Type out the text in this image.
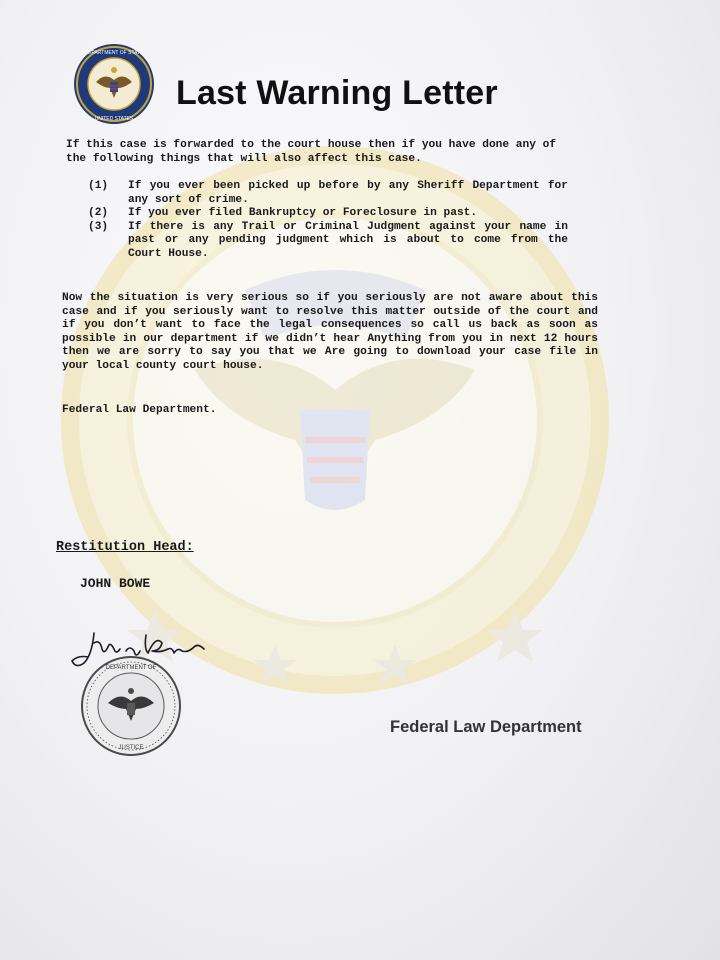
DEPARTMENT OF STATE
UNITED STATES
Last Warning Letter
If this case is forwarded to the court house then if you have done any of the following things that will also affect this case.
(1)	If you ever been picked up before by any Sheriff Department for any sort of crime.
(2)	If you ever filed Bankruptcy or Foreclosure in past.
(3)	If there is any Trail or Criminal Judgment against your name in past or any pending judgment which is about to come from the Court House.
Now the situation is very serious so if you seriously are not aware about this case and if you seriously want to resolve this matter outside of the court and if you don’t want to face the legal consequences so call us back as soon as possible in our department if we didn’t hear Anything from you in next 12 hours then we are sorry to say you that we Are going to download your case file in your local county court house.
Federal Law Department.
Restitution Head:
JOHN BOWE
DEPARTMENT OF
JUSTICE
Federal Law Department
